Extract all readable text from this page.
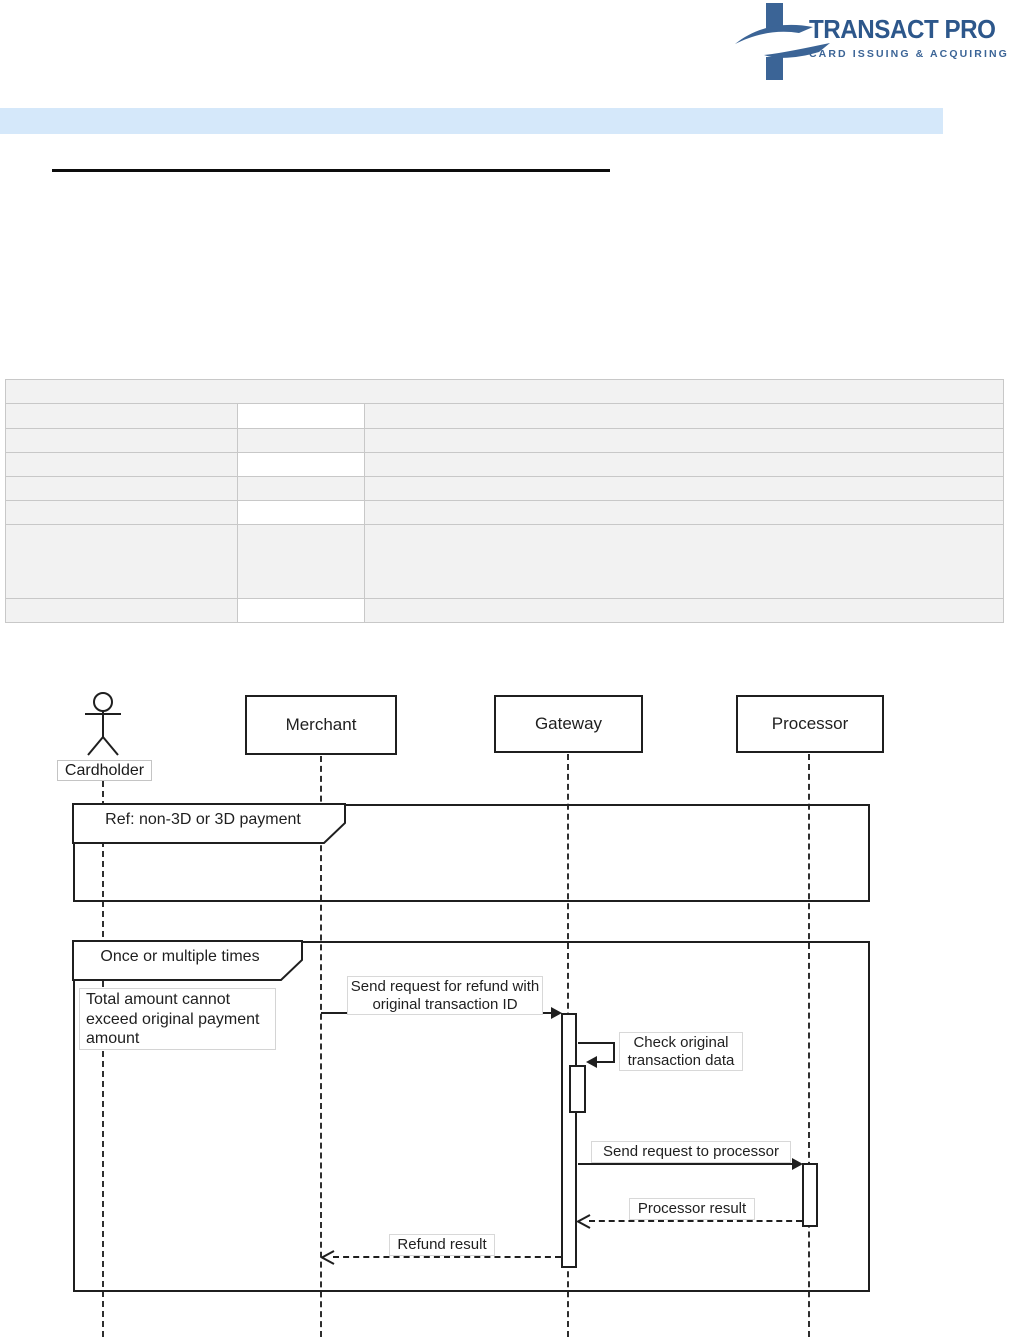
TRANSACT PRO
CARD ISSUING & ACQUIRING

Cardholder
Merchant	Gateway	Processor
Ref: non-3D or 3D payment
Once or multiple times
Total amount cannot exceed original payment amount
Send request for refund with original transaction ID
Check original transaction data
Send request to processor
Processor result
Refund result
